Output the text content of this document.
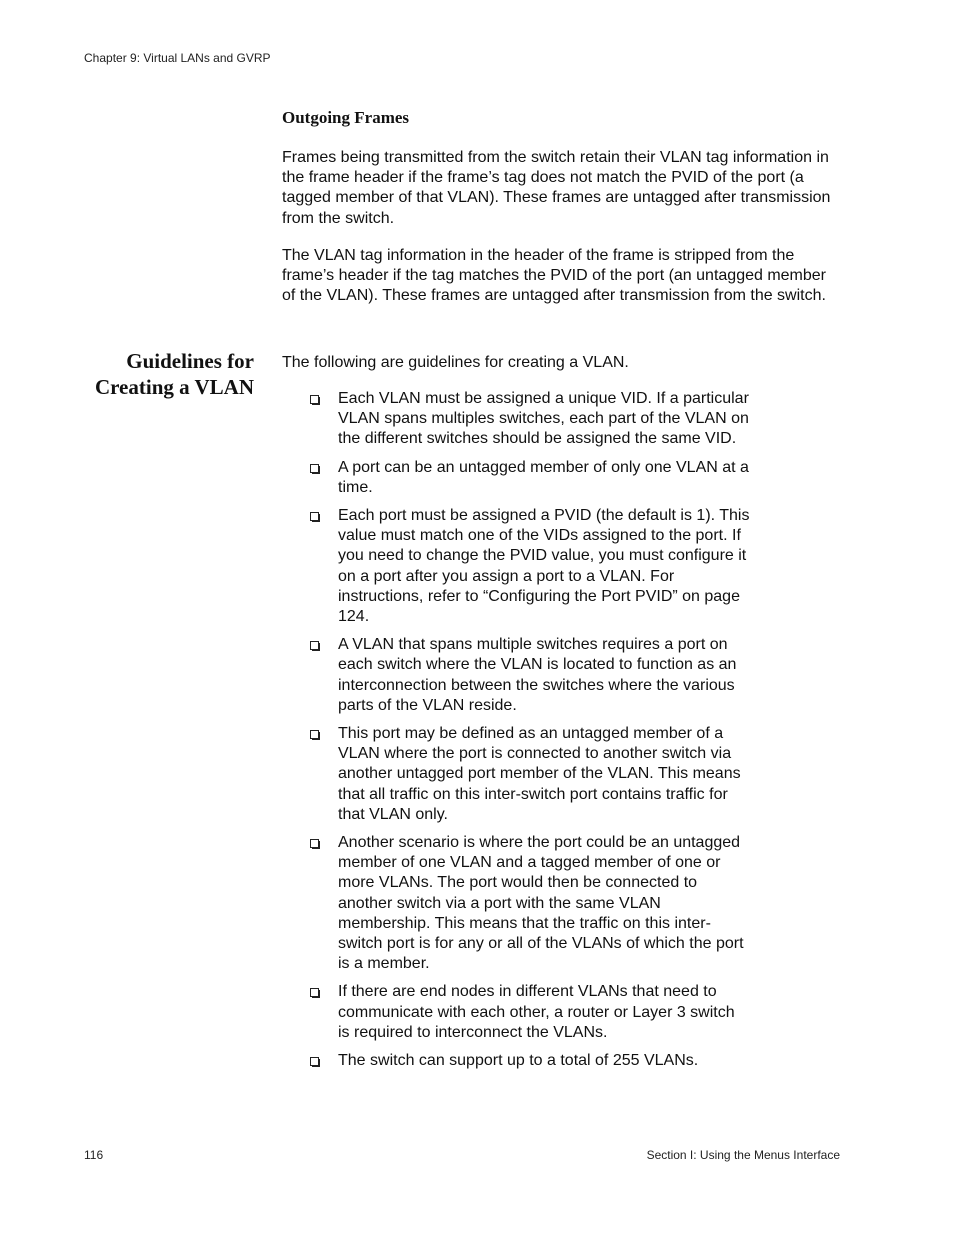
Chapter 9: Virtual LANs and GVRP
Outgoing Frames

Frames being transmitted from the switch retain their VLAN tag information in the frame header if the frame’s tag does not match the PVID of the port (a tagged member of that VLAN). These frames are untagged after transmission from the switch.

The VLAN tag information in the header of the frame is stripped from the frame’s header if the tag matches the PVID of the port (an untagged member of the VLAN). These frames are untagged after transmission from the switch.

Guidelines for
Creating a VLAN

The following are guidelines for creating a VLAN.

Each VLAN must be assigned a unique VID. If a particular VLAN spans multiples switches, each part of the VLAN on the different switches should be assigned the same VID.
A port can be an untagged member of only one VLAN at a time.
Each port must be assigned a PVID (the default is 1). This value must match one of the VIDs assigned to the port. If you need to change the PVID value, you must configure it on a port after you assign a port to a VLAN. For instructions, refer to “Configuring the Port PVID” on page 124.
A VLAN that spans multiple switches requires a port on each switch where the VLAN is located to function as an interconnection between the switches where the various parts of the VLAN reside.
This port may be defined as an untagged member of a VLAN where the port is connected to another switch via another untagged port member of the VLAN. This means that all traffic on this inter-switch port contains traffic for that VLAN only.
Another scenario is where the port could be an untagged member of one VLAN and a tagged member of one or more VLANs. The port would then be connected to another switch via a port with the same VLAN membership. This means that the traffic on this inter-switch port is for any or all of the VLANs of which the port is a member.
If there are end nodes in different VLANs that need to communicate with each other, a router or Layer 3 switch is required to interconnect the VLANs.
The switch can support up to a total of 255 VLANs.
116	Section I: Using the Menus Interface
